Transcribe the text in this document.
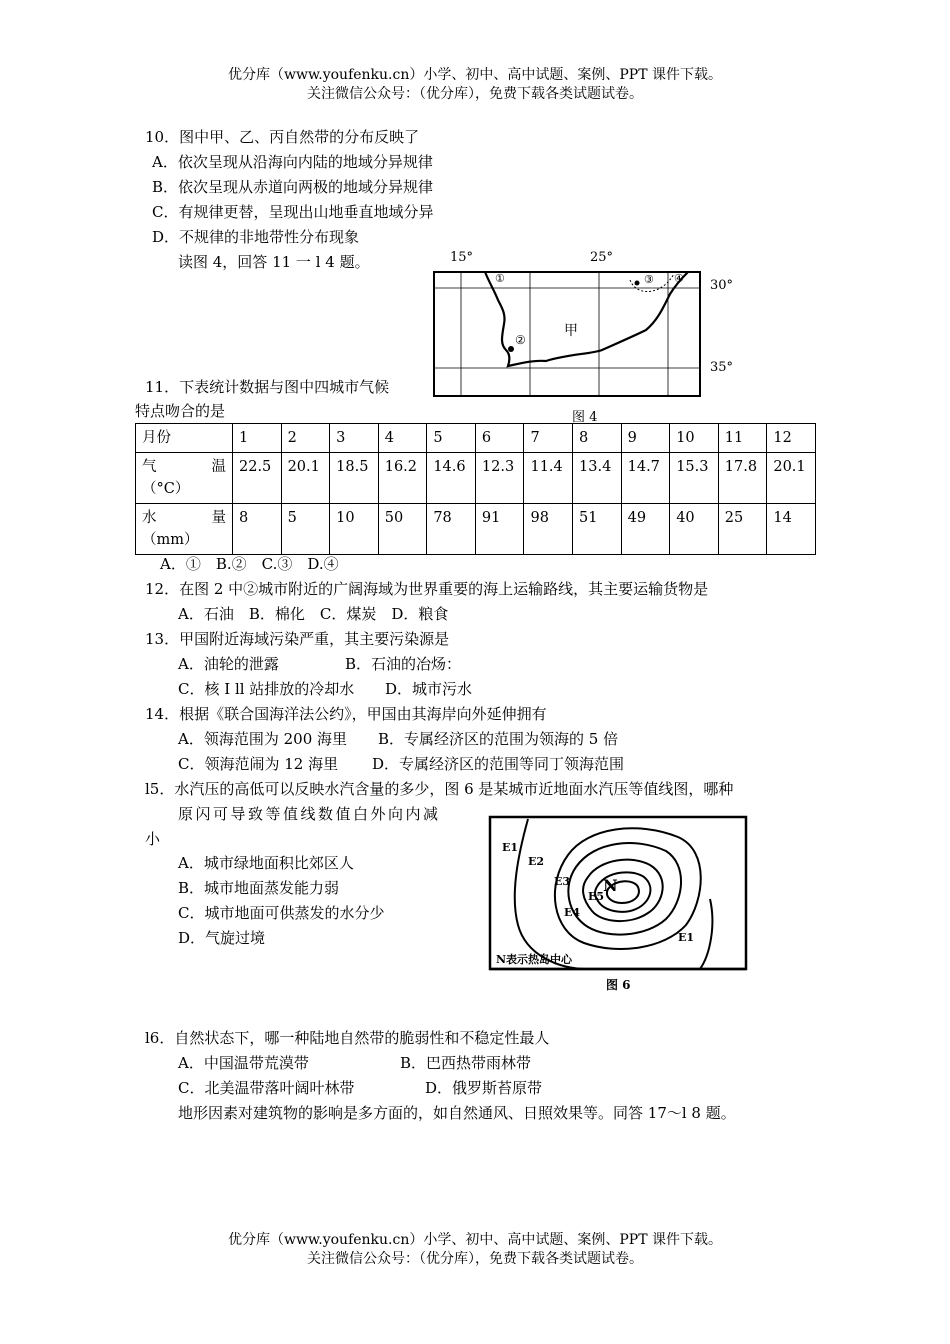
优分库（www.youfenku.cn）小学、初中、高中试题、案例、PPT 课件下载。
关注微信公众号：（优分库），免费下载各类试题试卷。
10．图中甲、乙、丙自然带的分布反映了
A．依次呈现从沿海向内陆的地域分异规律
B．依次呈现从赤道向两极的地域分异规律
C．有规律更替，呈现出山地垂直地域分异
D．不规律的非地带性分布现象
读图 4，回答 11 一 l 4 题。	15°	25°
30°
35°
甲
①
②
③ ④
图 4
11．下表统计数据与图中四城市气候
特点吻合的是
月份	1	2	3	4	5	6	7	8	9	10	11	12

气 温
（°C）	22.5	20.1	18.5	16.2	14.6	12.3	11.4	13.4	14.7	15.3	17.8	20.1

水 量
（mm）	8	5	10	50	78	91	98	51	49	40	25	14
A．①　B.②　C.③　D.④
12．在图 2 中②城市附近的广阔海域为世界重要的海上运输路线，其主要运输货物是
A．石油　B．棉化　C．煤炭　D．粮食
13．甲国附近海域污染严重，其主要污染源是
A．油轮的泄露	B．石油的冶炀：
C．核 I ll 站排放的冷却水 D．城市污水
14．根据《联合国海洋法公约》，甲国由其海岸向外延伸拥有
A．领海范围为 200 海里 B．专属经济区的范围为领海的 5 倍
C．领海范闹为 12 海里 D．专属经济区的范围等同丁领海范围
l5．水汽压的高低可以反映水汽含量的多少，图 6 是某城市近地面水汽压等值线图，哪种
原闪可导致等值线数值白外向内减
小
A．城市绿地面积比郊区人
B．城市地面蒸发能力弱
C．城市地面可供蒸发的水分少
D．气旋过境
E1
E2
E3
E5
N
E4
E1
N表示热岛中心
图 6
l6．自然状态下，哪一种陆地自然带的脆弱性和不稳定性最人
A．中国温带荒漠带	B．巴西热带雨林带
C．北美温带落叶阔叶林带	D．俄罗斯苔原带
地形因素对建筑物的影响是多方面的，如自然通风、日照效果等。同答 17～l 8 题。
优分库（www.youfenku.cn）小学、初中、高中试题、案例、PPT 课件下载。
关注微信公众号：（优分库），免费下载各类试题试卷。
